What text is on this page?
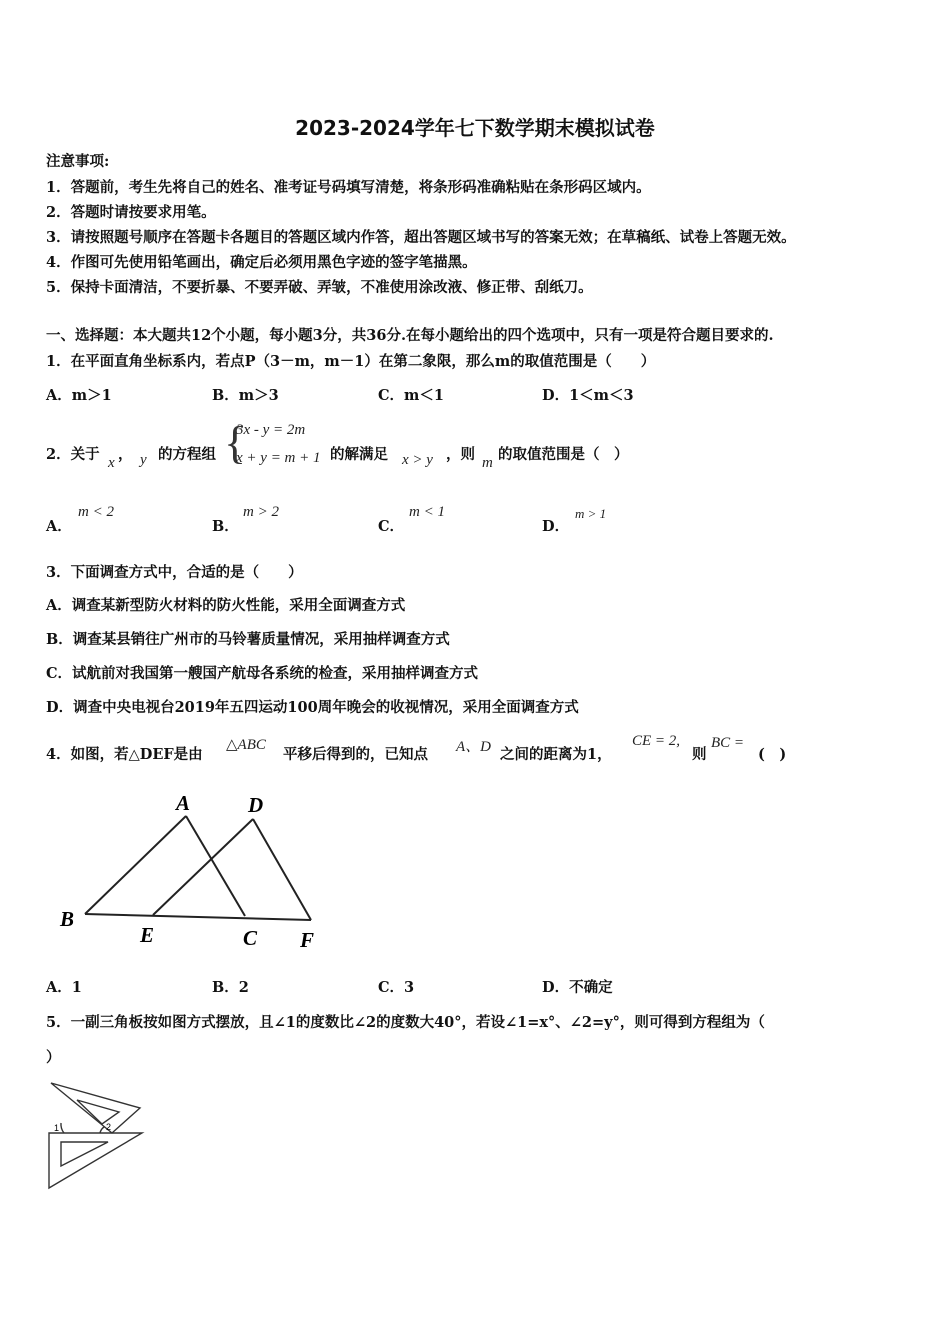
2023-2024学年七下数学期末模拟试卷
注意事项:
1．答题前，考生先将自己的姓名、准考证号码填写清楚，将条形码准确粘贴在条形码区域内。
2．答题时请按要求用笔。
3．请按照题号顺序在答题卡各题目的答题区域内作答，超出答题区域书写的答案无效；在草稿纸、试卷上答题无效。
4．作图可先使用铅笔画出，确定后必须用黑色字迹的签字笔描黑。
5．保持卡面清洁，不要折暴、不要弄破、弄皱，不准使用涂改液、修正带、刮纸刀。
一、选择题：本大题共12个小题，每小题3分，共36分.在每小题给出的四个选项中，只有一项是符合题目要求的.
1．在平面直角坐标系内，若点P（3－m，m－1）在第二象限，那么m的取值范围是（　　）
A．m＞1	B．m＞3	C．m＜1	D．1＜m＜3
2．关于 x ， y 的方程组 {
3x - y = 2m
x + y = m + 1 的解满足 x > y ，则 m 的取值范围是（　）
A．
m < 2
B．
m > 2
C．
m < 1
D．
m > 1
3．下面调查方式中，合适的是（　　）
A．调查某新型防火材料的防火性能，采用全面调查方式
B．调查某县销往广州市的马铃薯质量情况，采用抽样调查方式
C．试航前对我国第一艘国产航母各系统的检查，采用抽样调查方式
D．调查中央电视台2019年五四运动100周年晚会的收视情况，采用全面调查方式
4．如图，若△DEF是由
△ABC
平移后得到的，已知点 A、D 之间的距离为1，
CE = 2,
则
BC =
(　)
A	D
B
E	C F
A．1	B．2	C．3	D．不确定
5．一副三角板按如图方式摆放，且∠1的度数比∠2的度数大40°，若设∠1=x°、∠2=y°，则可得到方程组为（
）
1	2
